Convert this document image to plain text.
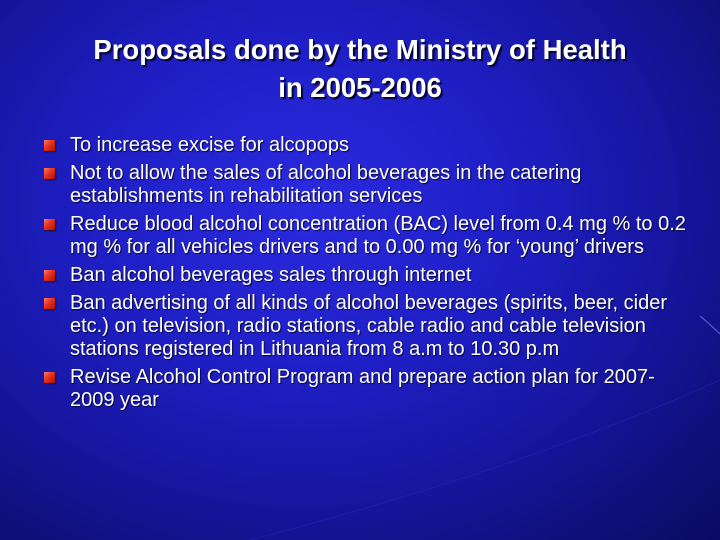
Proposals done by the Ministry of Health
in 2005-2006
To increase excise for alcopops
Not to allow the sales of alcohol beverages in the catering establishments in rehabilitation services
Reduce blood alcohol concentration (BAC) level from 0.4 mg % to 0.2 mg % for all vehicles drivers and to 0.00 mg % for ‘young’ drivers
Ban alcohol beverages sales through internet
Ban advertising of all kinds of alcohol beverages (spirits, beer, cider etc.) on television, radio stations, cable radio and cable television stations registered in Lithuania from 8 a.m to 10.30 p.m
Revise Alcohol Control Program and prepare action plan for 2007-2009 year
